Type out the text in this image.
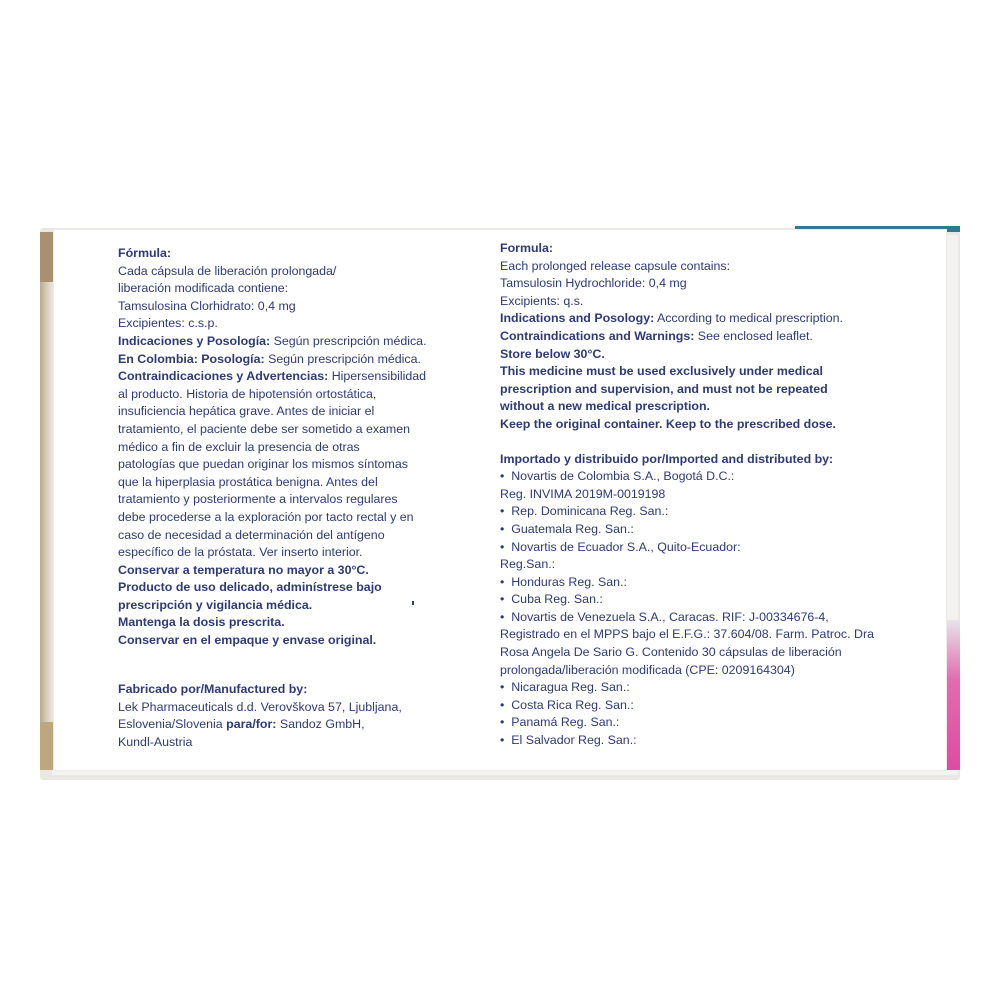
Fórmula:
Cada cápsula de liberación prolongada/
liberación modificada contiene:
Tamsulosina Clorhidrato: 0,4 mg
Excipientes: c.s.p.
Indicaciones y Posología: Según prescripción médica.
En Colombia: Posología: Según prescripción médica.
Contraindicaciones y Advertencias: Hipersensibilidad
al producto. Historia de hipotensión ortostática,
insuficiencia hepática grave. Antes de iniciar el
tratamiento, el paciente debe ser sometido a examen
médico a fin de excluir la presencia de otras
patologías que puedan originar los mismos síntomas
que la hiperplasia prostática benigna. Antes del
tratamiento y posteriormente a intervalos regulares
debe procederse a la exploración por tacto rectal y en
caso de necesidad a determinación del antígeno
específico de la próstata. Ver inserto interior.
Conservar a temperatura no mayor a 30°C.
Producto de uso delicado, adminístrese bajo
prescripción y vigilancia médica.
Mantenga la dosis prescrita.
Conservar en el empaque y envase original.
Fabricado por/Manufactured by:
Lek Pharmaceuticals d.d. Verovškova 57, Ljubljana,
Eslovenia/Slovenia para/for: Sandoz GmbH,
Kundl-Austria
Formula:
Each prolonged release capsule contains:
Tamsulosin Hydrochloride: 0,4 mg
Excipients: q.s.
Indications and Posology: According to medical prescription.
Contraindications and Warnings: See enclosed leaflet.
Store below 30°C.
This medicine must be used exclusively under medical
prescription and supervision, and must not be repeated
without a new medical prescription.
Keep the original container. Keep to the prescribed dose.
Importado y distribuido por/Imported and distributed by:
•  Novartis de Colombia S.A., Bogotá D.C.:
Reg. INVIMA 2019M-0019198
•  Rep. Dominicana Reg. San.:
•  Guatemala Reg. San.:
•  Novartis de Ecuador S.A., Quito-Ecuador:
Reg.San.:
•  Honduras Reg. San.:
•  Cuba Reg. San.:
•  Novartis de Venezuela S.A., Caracas. RIF: J-00334676-4,
Registrado en el MPPS bajo el E.F.G.: 37.604/08. Farm. Patroc. Dra
Rosa Angela De Sario G. Contenido 30 cápsulas de liberación
prolongada/liberación modificada (CPE: 0209164304)
•  Nicaragua Reg. San.:
•  Costa Rica Reg. San.:
•  Panamá Reg. San.:
•  El Salvador Reg. San.:
